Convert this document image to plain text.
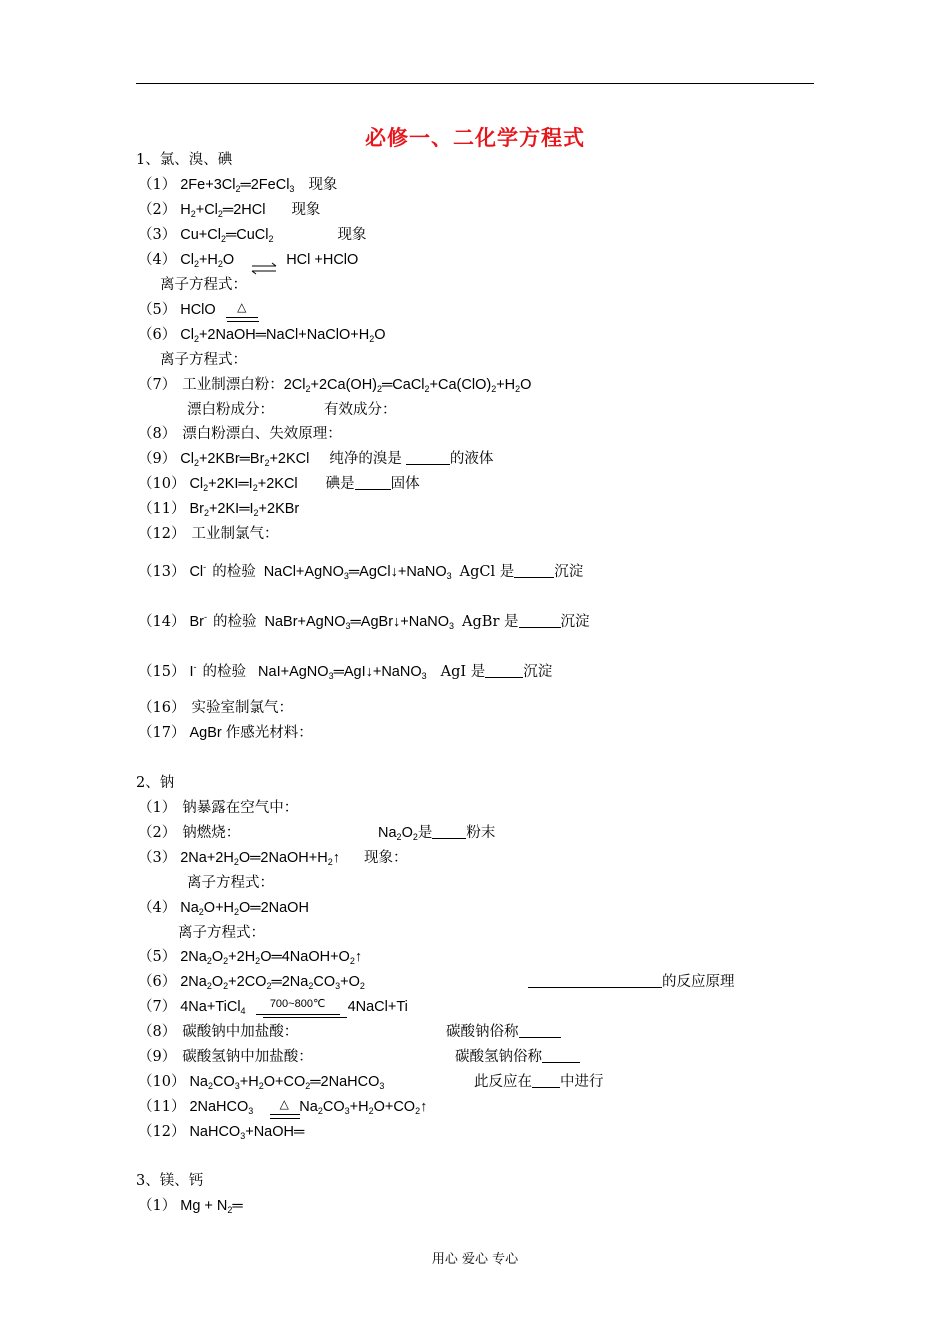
必修一、二化学方程式
1、氯、溴、碘
（1） $2Fe+3Cl_2═2FeCl_3$ 现象
（2） $H_2+Cl_2═2HCl$ 现象
（3） $Cu+Cl_2═CuCl_2$	现象
（4） $Cl_2+H_2O$	HCl +HClO
离子方程式：
（5） HClO △
（6） $Cl_2+2NaOH═NaCl+NaClO+H_2O$
离子方程式：
（7） 工业制漂白粉：$2Cl_2+2Ca(OH)_2═CaCl_2+Ca(ClO)_2+H_2O$
漂白粉成分：	有效成分：
（8） 漂白粉漂白、失效原理：
（9） $Cl_2+2KBr═Br_2+2KCl$ 纯净的溴是	的液体
（10） $Cl_2+2KI═I_2+2KCl$ 碘是 固体
（11） $Br_2+2KI═I_2+2KBr$
（12） 工业制氯气：
（13） Cl- 的检验 NaCl+AgNO$_3$═AgCl↓+NaNO$_3$ AgCl 是	沉淀
（14） Br- 的检验 NaBr+AgNO$_3$═AgBr↓+NaNO$_3$ AgBr 是	沉淀
（15） I- 的检验 NaI+AgNO$_3$═AgI↓+NaNO$_3$ AgI 是	沉淀
（16） 实验室制氯气：
（17） AgBr 作感光材料：
2、钠
（1） 钠暴露在空气中：
（2） 钠燃烧：	$Na_2O_2$是 粉末
（3） $2Na+2H_2O═2NaOH+H_2↑$ 现象：
离子方程式：
（4） $Na_2O+H_2O═2NaOH$
离子方程式：
（5） $2Na_2O_2+2H_2O═4NaOH+O_2↑$
（6） $2Na_2O_2+2CO_2═2Na_2CO_3+O_2$	的反应原理
（7） 4Na+TiCl$_4$700~800℃ 4NaCl+Ti
（8） 碳酸钠中加盐酸：	碳酸钠俗称
（9） 碳酸氢钠中加盐酸：	碳酸氢钠俗称
（10） $Na_2CO_3+H_2O+CO_2═2NaHCO_3$	此反应在 中进行
（11） 2NaHCO$_3$ △ $Na_2CO_3+H_2O+CO_2↑$
（12） NaHCO$_3$+NaOH═
3、镁、钙
（1） $Mg + N_2═$
用心 爱心 专心
